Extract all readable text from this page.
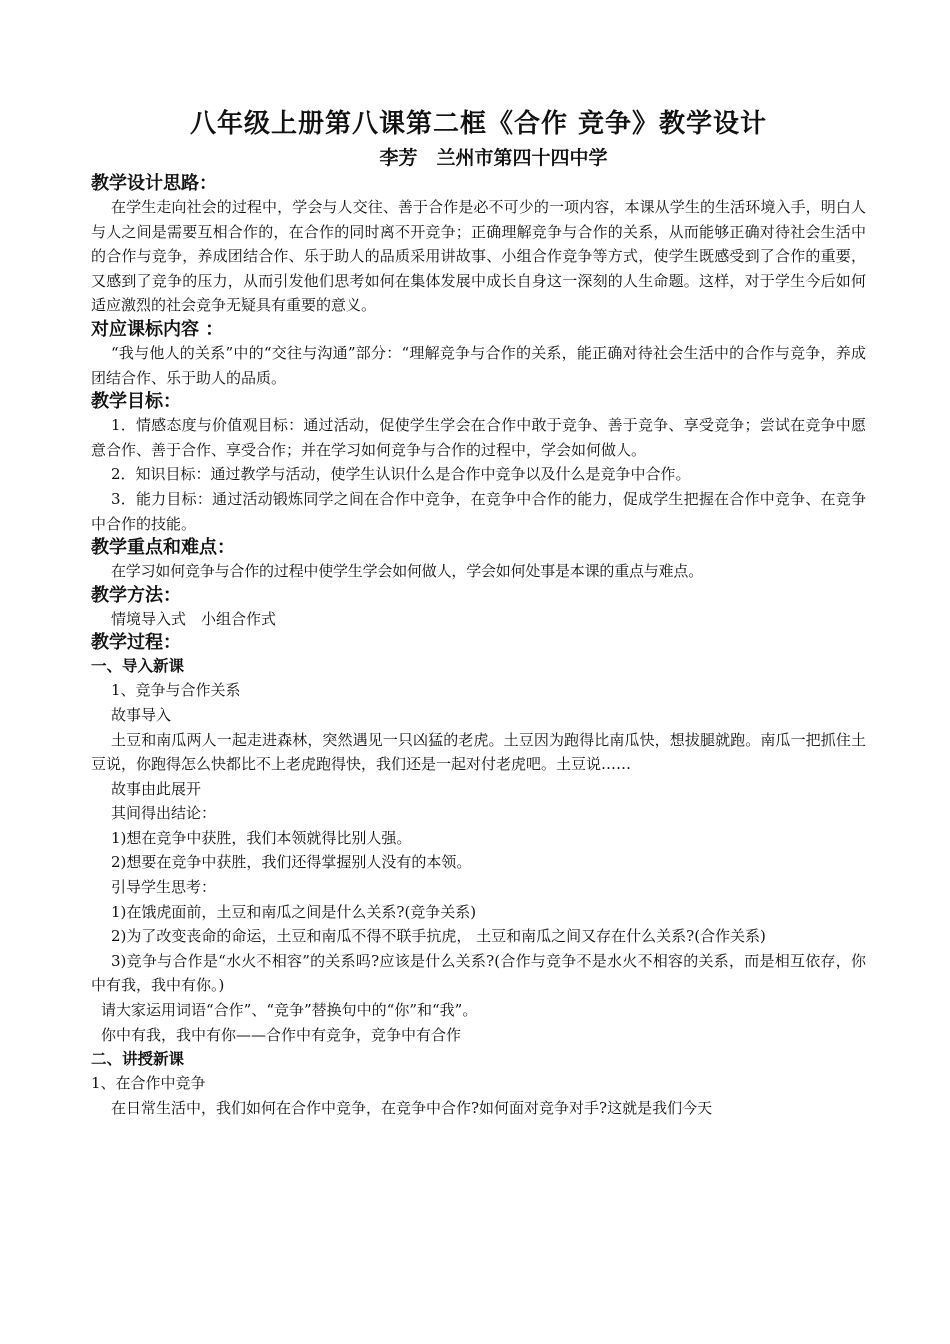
八年级上册第八课第二框《合作 竞争》教学设计
李芳　兰州市第四十四中学
教学设计思路：

在学生走向社会的过程中，学会与人交往、善于合作是必不可少的一项内容，本课从学生的生活环境入手，明白人与人之间是需要互相合作的，在合作的同时离不开竞争；正确理解竞争与合作的关系，从而能够正确对待社会生活中的合作与竞争，养成团结合作、乐于助人的品质采用讲故事、小组合作竞争等方式，使学生既感受到了合作的重要，又感到了竞争的压力，从而引发他们思考如何在集体发展中成长自身这一深刻的人生命题。这样，对于学生今后如何适应激烈的社会竞争无疑具有重要的意义。

对应课标内容 ：

“我与他人的关系”中的“交往与沟通”部分：“理解竞争与合作的关系，能正确对待社会生活中的合作与竞争，养成团结合作、乐于助人的品质。

教学目标：

1．情感态度与价值观目标：通过活动，促使学生学会在合作中敢于竞争、善于竞争、享受竞争；尝试在竞争中愿意合作、善于合作、享受合作；并在学习如何竞争与合作的过程中，学会如何做人。

2．知识目标：通过教学与活动，使学生认识什么是合作中竞争以及什么是竞争中合作。

3．能力目标：通过活动锻炼同学之间在合作中竞争，在竞争中合作的能力，促成学生把握在合作中竞争、在竞争中合作的技能。

教学重点和难点：

在学习如何竞争与合作的过程中使学生学会如何做人，学会如何处事是本课的重点与难点。

教学方法：

情境导入式　小组合作式

教学过程：
一、导入新课

1、竞争与合作关系

故事导入

土豆和南瓜两人一起走进森林，突然遇见一只凶猛的老虎。土豆因为跑得比南瓜快，想拔腿就跑。南瓜一把抓住土豆说，你跑得怎么快都比不上老虎跑得快，我们还是一起对付老虎吧。土豆说……

故事由此展开

其间得出结论：

1)想在竞争中获胜，我们本领就得比别人强。

2)想要在竞争中获胜，我们还得掌握别人没有的本领。

引导学生思考：

1)在饿虎面前，土豆和南瓜之间是什么关系?(竞争关系)

2)为了改变丧命的命运，土豆和南瓜不得不联手抗虎， 土豆和南瓜之间又存在什么关系?(合作关系)

3)竞争与合作是“水火不相容”的关系吗?应该是什么关系?(合作与竞争不是水火不相容的关系，而是相互依存，你中有我，我中有你。)

请大家运用词语“合作”、“竞争”替换句中的“你”和“我”。

你中有我，我中有你——合作中有竞争，竞争中有合作

二、讲授新课

1、在合作中竞争

在日常生活中，我们如何在合作中竞争，在竞争中合作?如何面对竞争对手?这就是我们今天
